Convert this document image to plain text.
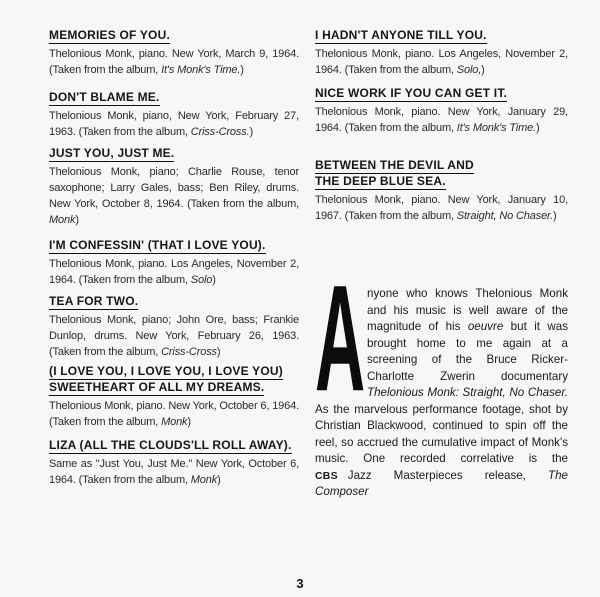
MEMORIES OF YOU.

Thelonious Monk, piano. New York, March 9, 1964. (Taken from the album, It's Monk's Time.)

DON'T BLAME ME.

Thelonious Monk, piano, New York, February 27, 1963. (Taken from the album, Criss-Cross.)

JUST YOU, JUST ME.

Thelonious Monk, piano; Charlie Rouse, tenor saxophone; Larry Gales, bass; Ben Riley, drums. New York, October 8, 1964. (Taken from the album, Monk)

I'M CONFESSIN' (THAT I LOVE YOU).

Thelonious Monk, piano. Los Angeles, November 2, 1964. (Taken from the album, Solo)

TEA FOR TWO.

Thelonious Monk, piano; John Ore, bass; Frankie Dunlop, drums. New York, February 26, 1963. (Taken from the album, Criss-Cross)

(I LOVE YOU, I LOVE YOU, I LOVE YOU)
SWEETHEART OF ALL MY DREAMS.

Thelonious Monk, piano. New York, October 6, 1964. (Taken from the album, Monk)

LIZA (ALL THE CLOUDS'LL ROLL AWAY).

Same as "Just You, Just Me." New York, October 6, 1964. (Taken from the album, Monk)

I HADN'T ANYONE TILL YOU.

Thelonious Monk, piano. Los Angeles, November 2, 1964. (Taken from the album, Solo,)

NICE WORK IF YOU CAN GET IT.

Thelonious Monk, piano. New York, January 29, 1964. (Taken from the album, It's Monk's Time.)

BETWEEN THE DEVIL AND
THE DEEP BLUE SEA.

Thelonious Monk, piano. New York, January 10, 1967. (Taken from the album, Straight, No Chaser.)

Anyone who knows Thelonious Monk and his music is well aware of the magnitude of his oeuvre but it was brought home to me again at a screening of the Bruce Ricker-Charlotte Zwerin documentary Thelonious Monk: Straight, No Chaser. As the marvelous performance footage, shot by Christian Blackwood, continued to spin off the reel, so accrued the cumulative impact of Monk's music. One recorded correlative is the CBS Jazz Masterpieces release, The Composer
3
